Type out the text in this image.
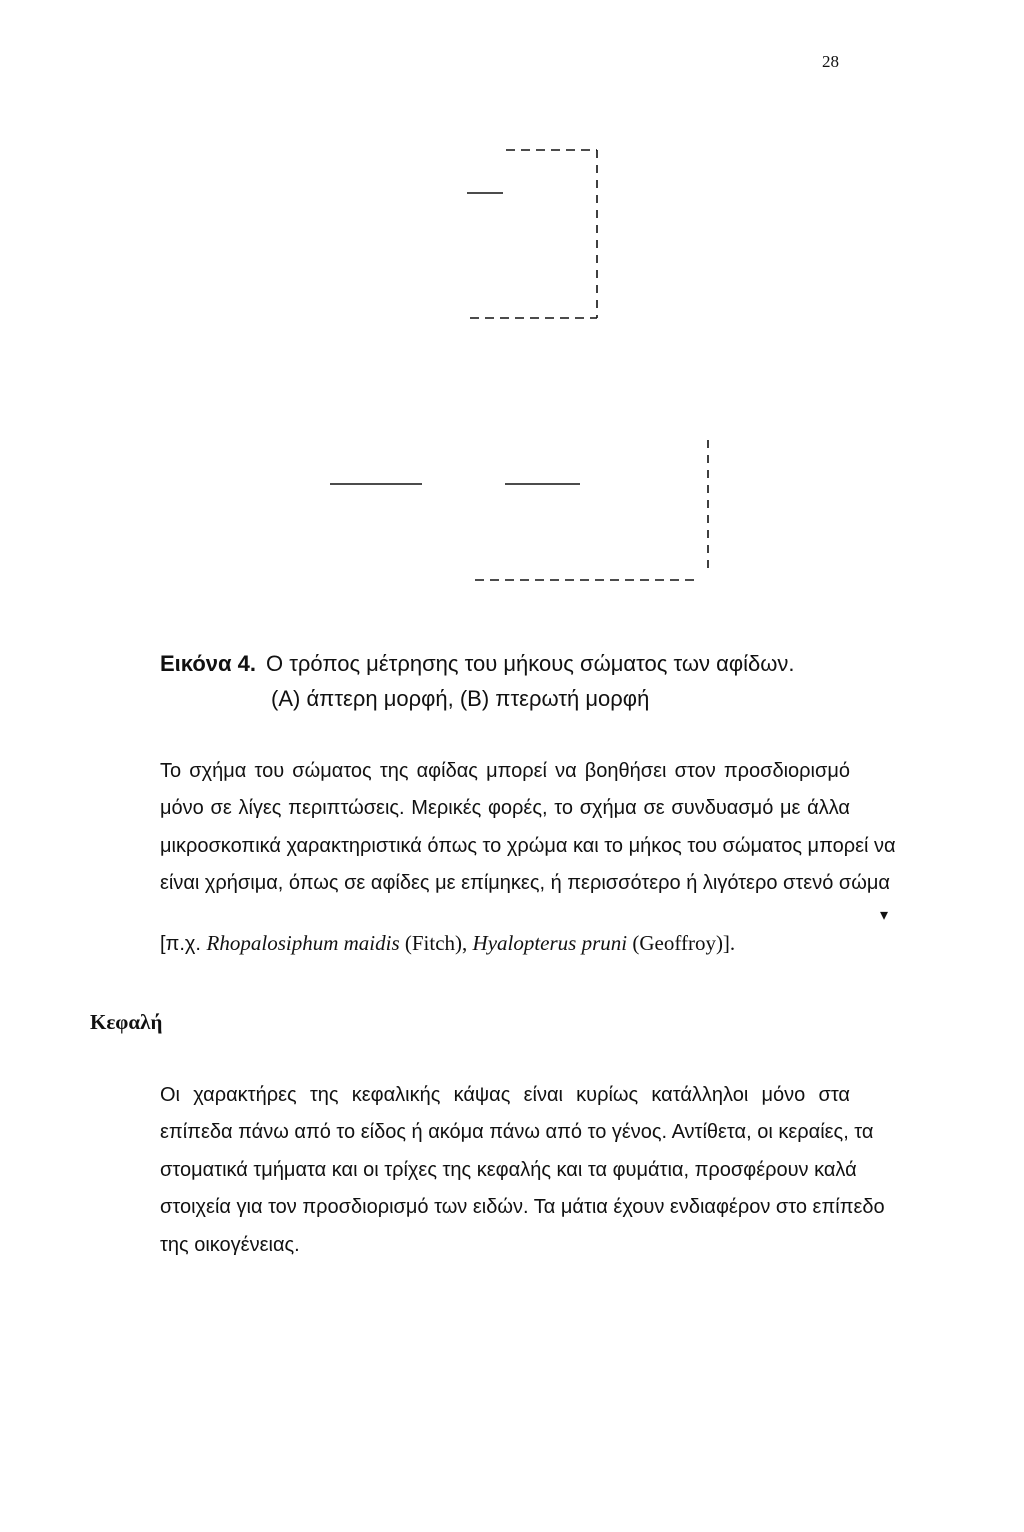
28
Εικόνα 4. Ο τρόπος μέτρησης του μήκους σώματος των αφίδων.
(Α) άπτερη μορφή, (Β) πτερωτή μορφή
Το σχήμα του σώματος της αφίδας μπορεί να βοηθήσει στον προσδιορισμό
μόνο σε λίγες περιπτώσεις. Μερικές φορές, το σχήμα σε συνδυασμό με άλλα
μικροσκοπικά χαρακτηριστικά όπως το χρώμα και το μήκος του σώματος μπορεί να
είναι χρήσιμα, όπως σε αφίδες με επίμηκες, ή περισσότερο ή λιγότερο στενό σώμα
▾
[π.χ. Rhopalosiphum maidis (Fitch), Hyalopterus pruni (Geoffroy)].
Κεφαλή
Οι χαρακτήρες της κεφαλικής κάψας είναι κυρίως κατάλληλοι μόνο στα
επίπεδα πάνω από το είδος ή ακόμα πάνω από το γένος. Αντίθετα, οι κεραίες, τα
στοματικά τμήματα και οι τρίχες της κεφαλής και τα φυμάτια, προσφέρουν καλά
στοιχεία για τον προσδιορισμό των ειδών. Τα μάτια έχουν ενδιαφέρον στο επίπεδο
της οικογένειας.
